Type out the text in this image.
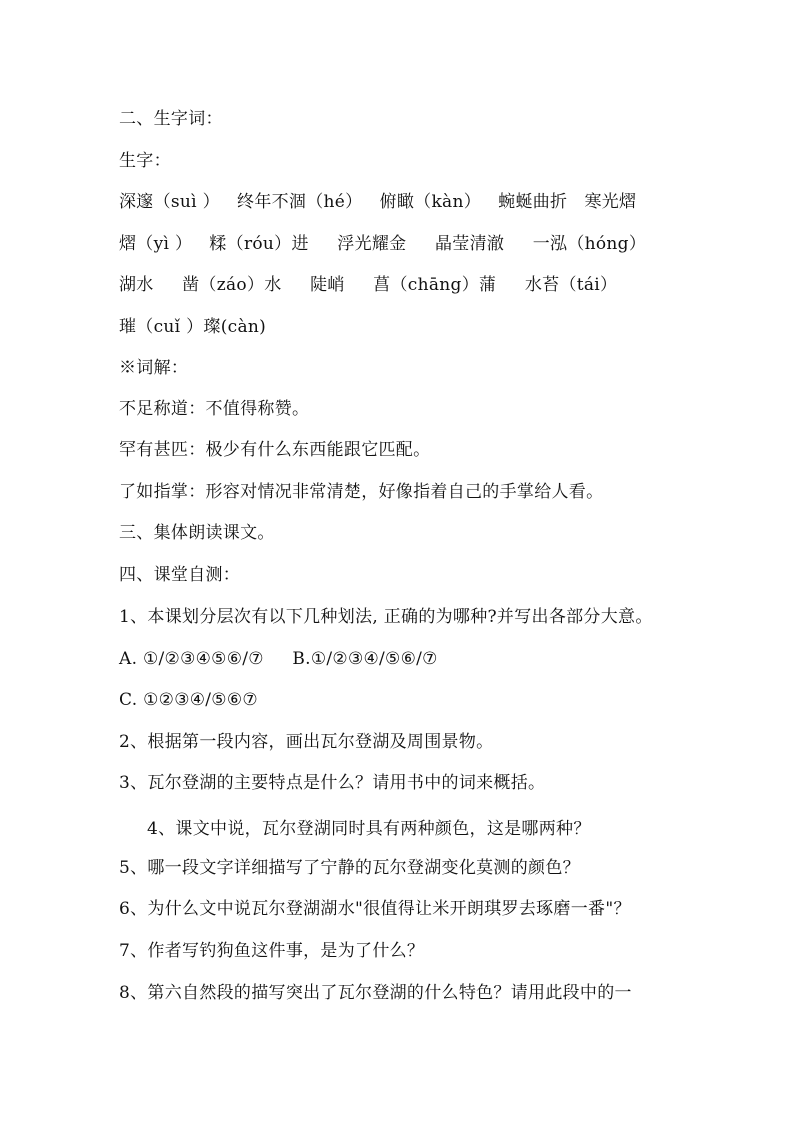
二、生字词：
生字：
深邃（suì ）   终年不涸（hé）   俯瞰（kàn）   蜿蜒曲折   寒光熠
熠（yì ）   糅（róu）进     浮光耀金     晶莹清澈     一泓（hóng）
湖水     凿（záo）水     陡峭     菖（chāng）蒲     水苔（tái）
璀（cuǐ ）璨(càn)
※词解：
不足称道：不值得称赞。
罕有甚匹：极少有什么东西能跟它匹配。
了如指掌：形容对情况非常清楚，好像指着自己的手掌给人看。
三、集体朗读课文。
四、课堂自测：
1、本课划分层次有以下几种划法, 正确的为哪种?并写出各部分大意。
A. ①/②③④⑤⑥/⑦     B.①/②③④/⑤⑥/⑦
C. ①②③④/⑤⑥⑦
2、根据第一段内容，画出瓦尔登湖及周围景物。
3、瓦尔登湖的主要特点是什么？请用书中的词来概括。
4、课文中说，瓦尔登湖同时具有两种颜色，这是哪两种？
5、哪一段文字详细描写了宁静的瓦尔登湖变化莫测的颜色？
6、为什么文中说瓦尔登湖湖水"很值得让米开朗琪罗去琢磨一番"？
7、作者写钓狗鱼这件事，是为了什么？
8、第六自然段的描写突出了瓦尔登湖的什么特色？请用此段中的一
